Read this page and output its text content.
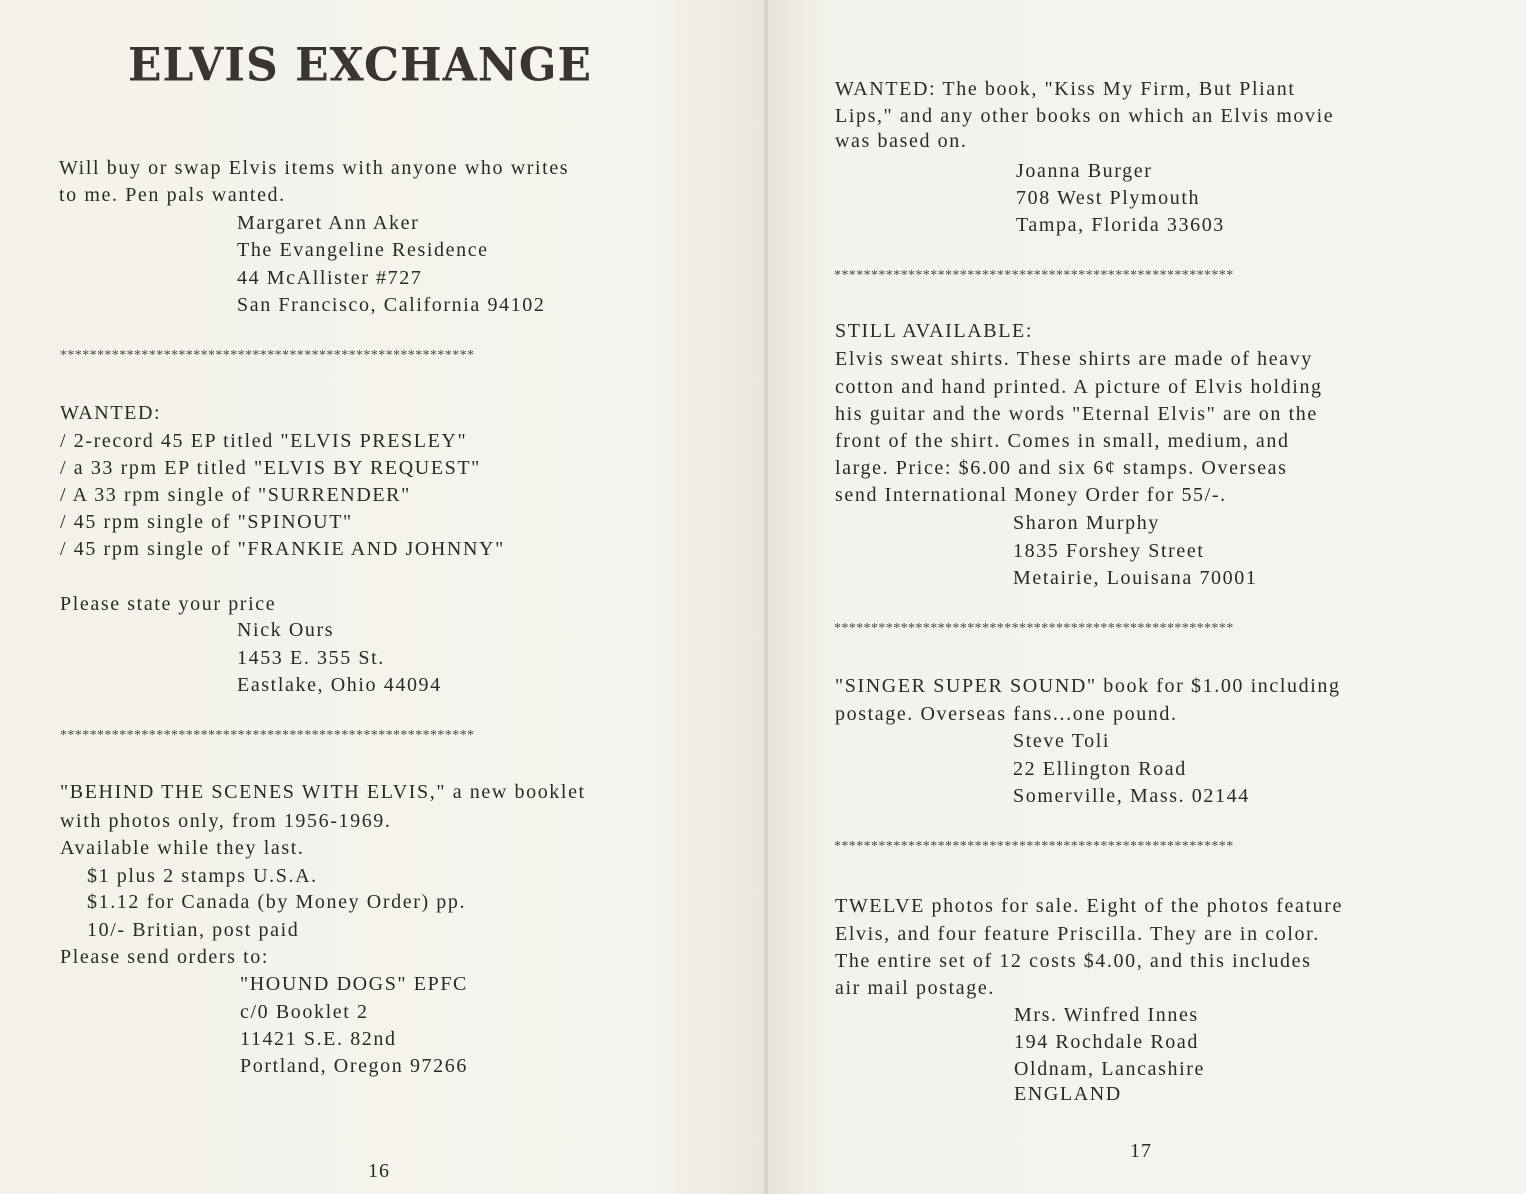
ELVIS EXCHANGE
Will buy or swap Elvis items with anyone who writes
to me. Pen pals wanted.
Margaret Ann Aker
The Evangeline Residence
44 McAllister #727
San Francisco, California 94102
********************************************************
WANTED:
/ 2-record 45 EP titled "ELVIS PRESLEY"
/ a 33 rpm EP titled "ELVIS BY REQUEST"
/ A 33 rpm single of "SURRENDER"
/ 45 rpm single of "SPINOUT"
/ 45 rpm single of "FRANKIE AND JOHNNY"
Please state your price
Nick Ours
1453 E. 355 St.
Eastlake, Ohio 44094
********************************************************
"BEHIND THE SCENES WITH ELVIS," a new booklet
with photos only, from 1956-1969.
Available while they last.
$1 plus 2 stamps U.S.A.
$1.12 for Canada (by Money Order) pp.
10/- Britian, post paid
Please send orders to:
"HOUND DOGS" EPFC
c/0 Booklet 2
11421 S.E. 82nd
Portland, Oregon 97266
16
WANTED: The book, "Kiss My Firm, But Pliant
Lips," and any other books on which an Elvis movie
was based on.
Joanna Burger
708 West Plymouth
Tampa, Florida 33603
******************************************************
STILL AVAILABLE:
Elvis sweat shirts. These shirts are made of heavy
cotton and hand printed. A picture of Elvis holding
his guitar and the words "Eternal Elvis" are on the
front of the shirt. Comes in small, medium, and
large. Price: $6.00 and six 6¢ stamps. Overseas
send International Money Order for 55/-.
Sharon Murphy
1835 Forshey Street
Metairie, Louisana 70001
******************************************************
"SINGER SUPER SOUND" book for $1.00 including
postage. Overseas fans...one pound.
Steve Toli
22 Ellington Road
Somerville, Mass. 02144
******************************************************
TWELVE photos for sale. Eight of the photos feature
Elvis, and four feature Priscilla. They are in color.
The entire set of 12 costs $4.00, and this includes
air mail postage.
Mrs. Winfred Innes
194 Rochdale Road
Oldnam, Lancashire
ENGLAND
17
